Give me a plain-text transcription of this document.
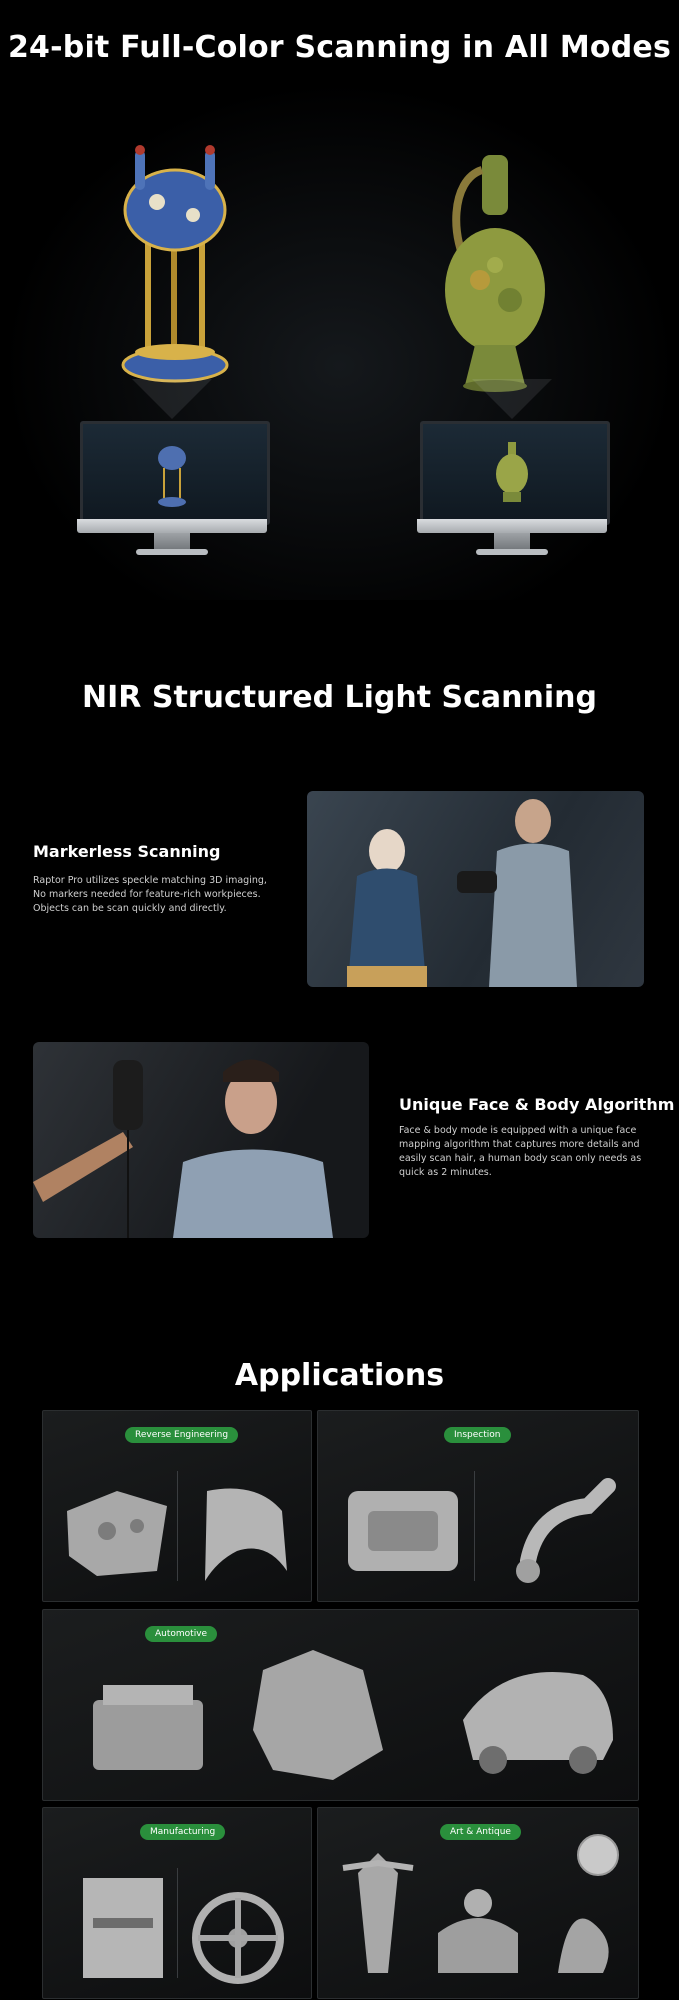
24-bit Full-Color Scanning in All Modes
NIR Structured Light Scanning
Markerless Scanning
Raptor Pro utilizes speckle matching 3D imaging,
No markers needed for feature-rich workpieces.
Objects can be scan quickly and directly.
Unique Face & Body Algorithm
Face & body mode is equipped with a unique face
mapping algorithm that captures more details and
easily scan hair, a human body scan only needs as
quick as 2 minutes.
Applications
Reverse Engineering	Inspection
Automotive
Manufacturing	Art & Antique
